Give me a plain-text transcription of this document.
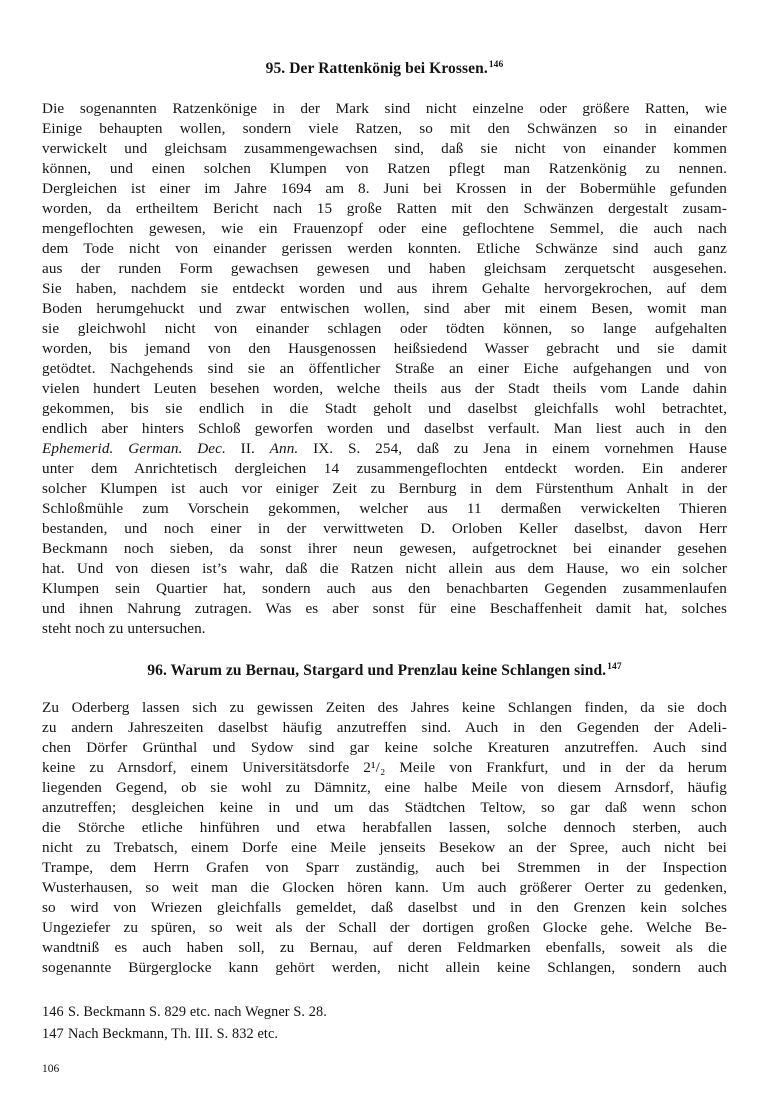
95. Der Rattenkönig bei Krossen.$^{146}$
Die sogenannten Ratzenkönige in der Mark sind nicht einzelne oder größere Ratten, wie
Einige behaupten wollen, sondern viele Ratzen, so mit den Schwänzen so in einander
verwickelt und gleichsam zusammengewachsen sind, daß sie nicht von einander kommen
können, und einen solchen Klumpen von Ratzen pflegt man Ratzenkönig zu nennen.
Dergleichen ist einer im Jahre 1694 am 8. Juni bei Krossen in der Bobermühle gefunden
worden, da ertheiltem Bericht nach 15 große Ratten mit den Schwänzen dergestalt zusam-
mengeflochten gewesen, wie ein Frauenzopf oder eine geflochtene Semmel, die auch nach
dem Tode nicht von einander gerissen werden konnten. Etliche Schwänze sind auch ganz
aus der runden Form gewachsen gewesen und haben gleichsam zerquetscht ausgesehen.
Sie haben, nachdem sie entdeckt worden und aus ihrem Gehalte hervorgekrochen, auf dem
Boden herumgehuckt und zwar entwischen wollen, sind aber mit einem Besen, womit man
sie gleichwohl nicht von einander schlagen oder tödten können, so lange aufgehalten
worden, bis jemand von den Hausgenossen heißsiedend Wasser gebracht und sie damit
getödtet. Nachgehends sind sie an öffentlicher Straße an einer Eiche aufgehangen und von
vielen hundert Leuten besehen worden, welche theils aus der Stadt theils vom Lande dahin
gekommen, bis sie endlich in die Stadt geholt und daselbst gleichfalls wohl betrachtet,
endlich aber hinters Schloß geworfen worden und daselbst verfault. Man liest auch in den
Ephemerid. German. Dec. II. Ann. IX. S. 254, daß zu Jena in einem vornehmen Hause
unter dem Anrichtetisch dergleichen 14 zusammengeflochten entdeckt worden. Ein anderer
solcher Klumpen ist auch vor einiger Zeit zu Bernburg in dem Fürstenthum Anhalt in der
Schloßmühle zum Vorschein gekommen, welcher aus 11 dermaßen verwickelten Thieren
bestanden, und noch einer in der verwittweten D. Orloben Keller daselbst, davon Herr
Beckmann noch sieben, da sonst ihrer neun gewesen, aufgetrocknet bei einander gesehen
hat. Und von diesen ist’s wahr, daß die Ratzen nicht allein aus dem Hause, wo ein solcher
Klumpen sein Quartier hat, sondern auch aus den benachbarten Gegenden zusammenlaufen
und ihnen Nahrung zutragen. Was es aber sonst für eine Beschaffenheit damit hat, solches
steht noch zu untersuchen.
96. Warum zu Bernau, Stargard und Prenzlau keine Schlangen sind.$^{147}$
Zu Oderberg lassen sich zu gewissen Zeiten des Jahres keine Schlangen finden, da sie doch
zu andern Jahreszeiten daselbst häufig anzutreffen sind. Auch in den Gegenden der Adeli-
chen Dörfer Grünthal und Sydow sind gar keine solche Kreaturen anzutreffen. Auch sind
keine zu Arnsdorf, einem Universitätsdorfe 2¹/₂ Meile von Frankfurt, und in der da herum
liegenden Gegend, ob sie wohl zu Dämnitz, eine halbe Meile von diesem Arnsdorf, häufig
anzutreffen; desgleichen keine in und um das Städtchen Teltow, so gar daß wenn schon
die Störche etliche hinführen und etwa herabfallen lassen, solche dennoch sterben, auch
nicht zu Trebatsch, einem Dorfe eine Meile jenseits Besekow an der Spree, auch nicht bei
Trampe, dem Herrn Grafen von Sparr zuständig, auch bei Stremmen in der Inspection
Wusterhausen, so weit man die Glocken hören kann. Um auch größerer Oerter zu gedenken,
so wird von Wriezen gleichfalls gemeldet, daß daselbst und in den Grenzen kein solches
Ungeziefer zu spüren, so weit als der Schall der dortigen großen Glocke gehe. Welche Be-
wandtniß es auch haben soll, zu Bernau, auf deren Feldmarken ebenfalls, soweit als die
sogenannte Bürgerglocke kann gehört werden, nicht allein keine Schlangen, sondern auch
146 S. Beckmann S. 829 etc. nach Wegner S. 28.
147 Nach Beckmann, Th. III. S. 832 etc.
106
